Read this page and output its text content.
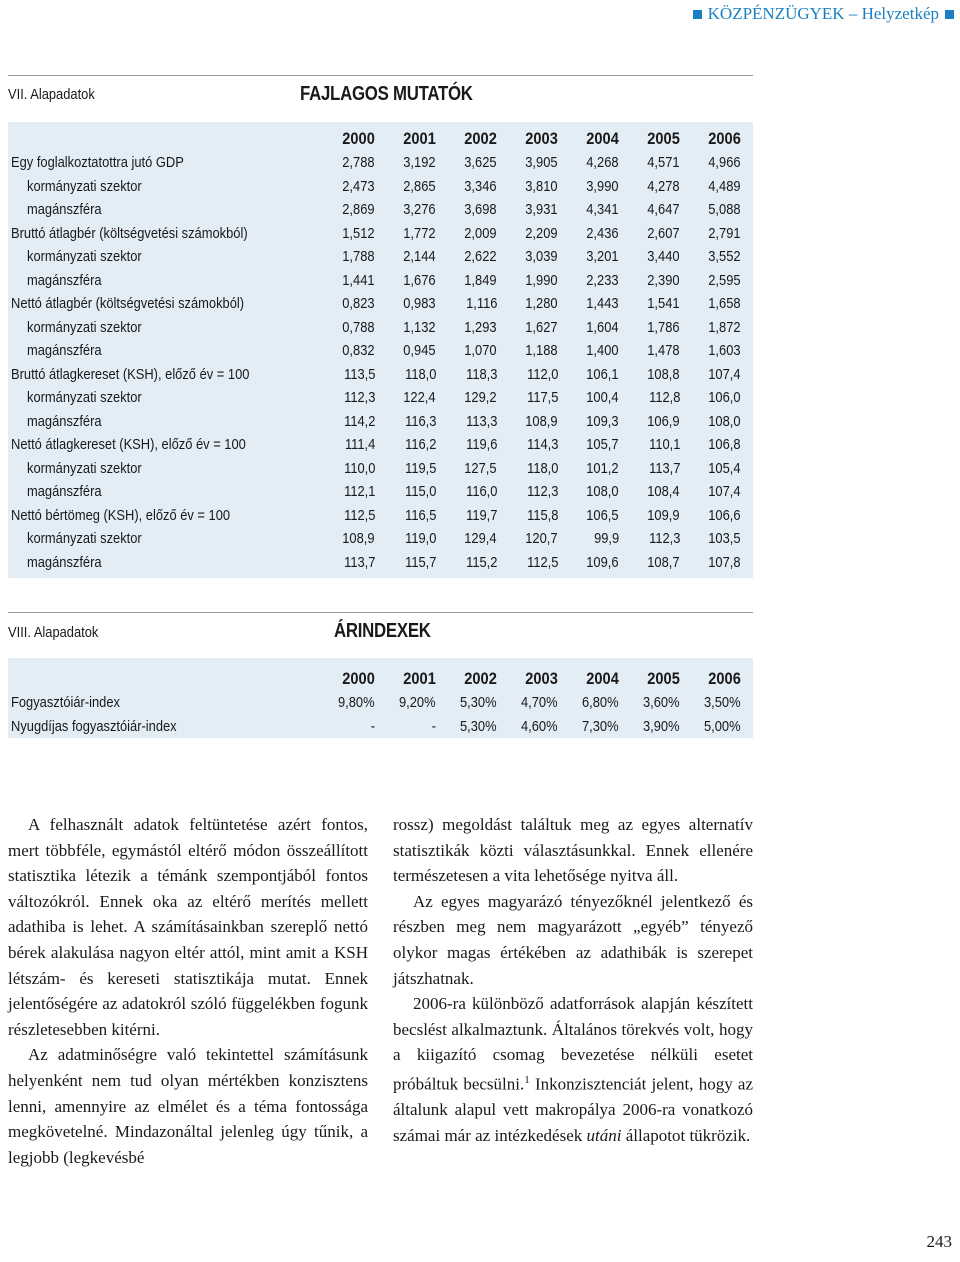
KÖZPÉNZÜGYEK – Helyzetkép
VII. Alapadatok	FAJLAGOS MUTATÓK
	2000	2001	2002	2003	2004	2005	2006
Egy foglalkoztatottra jutó GDP	2,788	3,192	3,625	3,905	4,268	4,571	4,966
kormányzati szektor	2,473	2,865	3,346	3,810	3,990	4,278	4,489
magánszféra	2,869	3,276	3,698	3,931	4,341	4,647	5,088
Bruttó átlagbér (költségvetési számokból)	1,512	1,772	2,009	2,209	2,436	2,607	2,791
kormányzati szektor	1,788	2,144	2,622	3,039	3,201	3,440	3,552
magánszféra	1,441	1,676	1,849	1,990	2,233	2,390	2,595
Nettó átlagbér (költségvetési számokból)	0,823	0,983	1,116	1,280	1,443	1,541	1,658
kormányzati szektor	0,788	1,132	1,293	1,627	1,604	1,786	1,872
magánszféra	0,832	0,945	1,070	1,188	1,400	1,478	1,603
Bruttó átlagkereset (KSH), előző év = 100	113,5	118,0	118,3	112,0	106,1	108,8	107,4
kormányzati szektor	112,3	122,4	129,2	117,5	100,4	112,8	106,0
magánszféra	114,2	116,3	113,3	108,9	109,3	106,9	108,0
Nettó átlagkereset (KSH), előző év = 100	111,4	116,2	119,6	114,3	105,7	110,1	106,8
kormányzati szektor	110,0	119,5	127,5	118,0	101,2	113,7	105,4
magánszféra	112,1	115,0	116,0	112,3	108,0	108,4	107,4
Nettó bértömeg (KSH), előző év = 100	112,5	116,5	119,7	115,8	106,5	109,9	106,6
kormányzati szektor	108,9	119,0	129,4	120,7	99,9	112,3	103,5
magánszféra	113,7	115,7	115,2	112,5	109,6	108,7	107,8
VIII. Alapadatok	ÁRINDEXEK
	2000	2001	2002	2003	2004	2005	2006
Fogyasztóiár-index	9,80%	9,20%	5,30%	4,70%	6,80%	3,60%	3,50%
Nyugdíjas fogyasztóiár-index	-	-	5,30%	4,60%	7,30%	3,90%	5,00%

A felhasznált adatok feltüntetése azért fontos, mert többféle, egymástól eltérő módon összeállított statisztika létezik a témánk szempontjából fontos változókról. Ennek oka az eltérő merítés mellett adathiba is lehet. A számításainkban szereplő nettó bérek alakulása nagyon eltér attól, mint amit a KSH létszám- és kereseti statisztikája mutat. Ennek jelentőségére az adatokról szóló függelékben fogunk részletesebben kitérni.

Az adatminőségre való tekintettel számításunk helyenként nem tud olyan mértékben konzisztens lenni, amennyire az elmélet és a téma fontossága megkövetelné. Mindazonáltal jelenleg úgy tűnik, a legjobb (legkevésbé

rossz) megoldást találtuk meg az egyes alternatív statisztikák közti választásunkkal. Ennek ellenére természetesen a vita lehetősége nyitva áll.

Az egyes magyarázó tényezőknél jelentkező és részben meg nem magyarázott „egyéb” tényező olykor magas értékében az adathibák is szerepet játszhatnak.

2006-ra különböző adatforrások alapján készített becslést alkalmaztunk. Általános törekvés volt, hogy a kiigazító csomag bevezetése nélküli esetet próbáltuk becsülni.$^1$ Inkonzisztenciát jelent, hogy az általunk alapul vett makropálya 2006-ra vonatkozó számai már az intézkedések utáni állapotot tükrözik.

243
